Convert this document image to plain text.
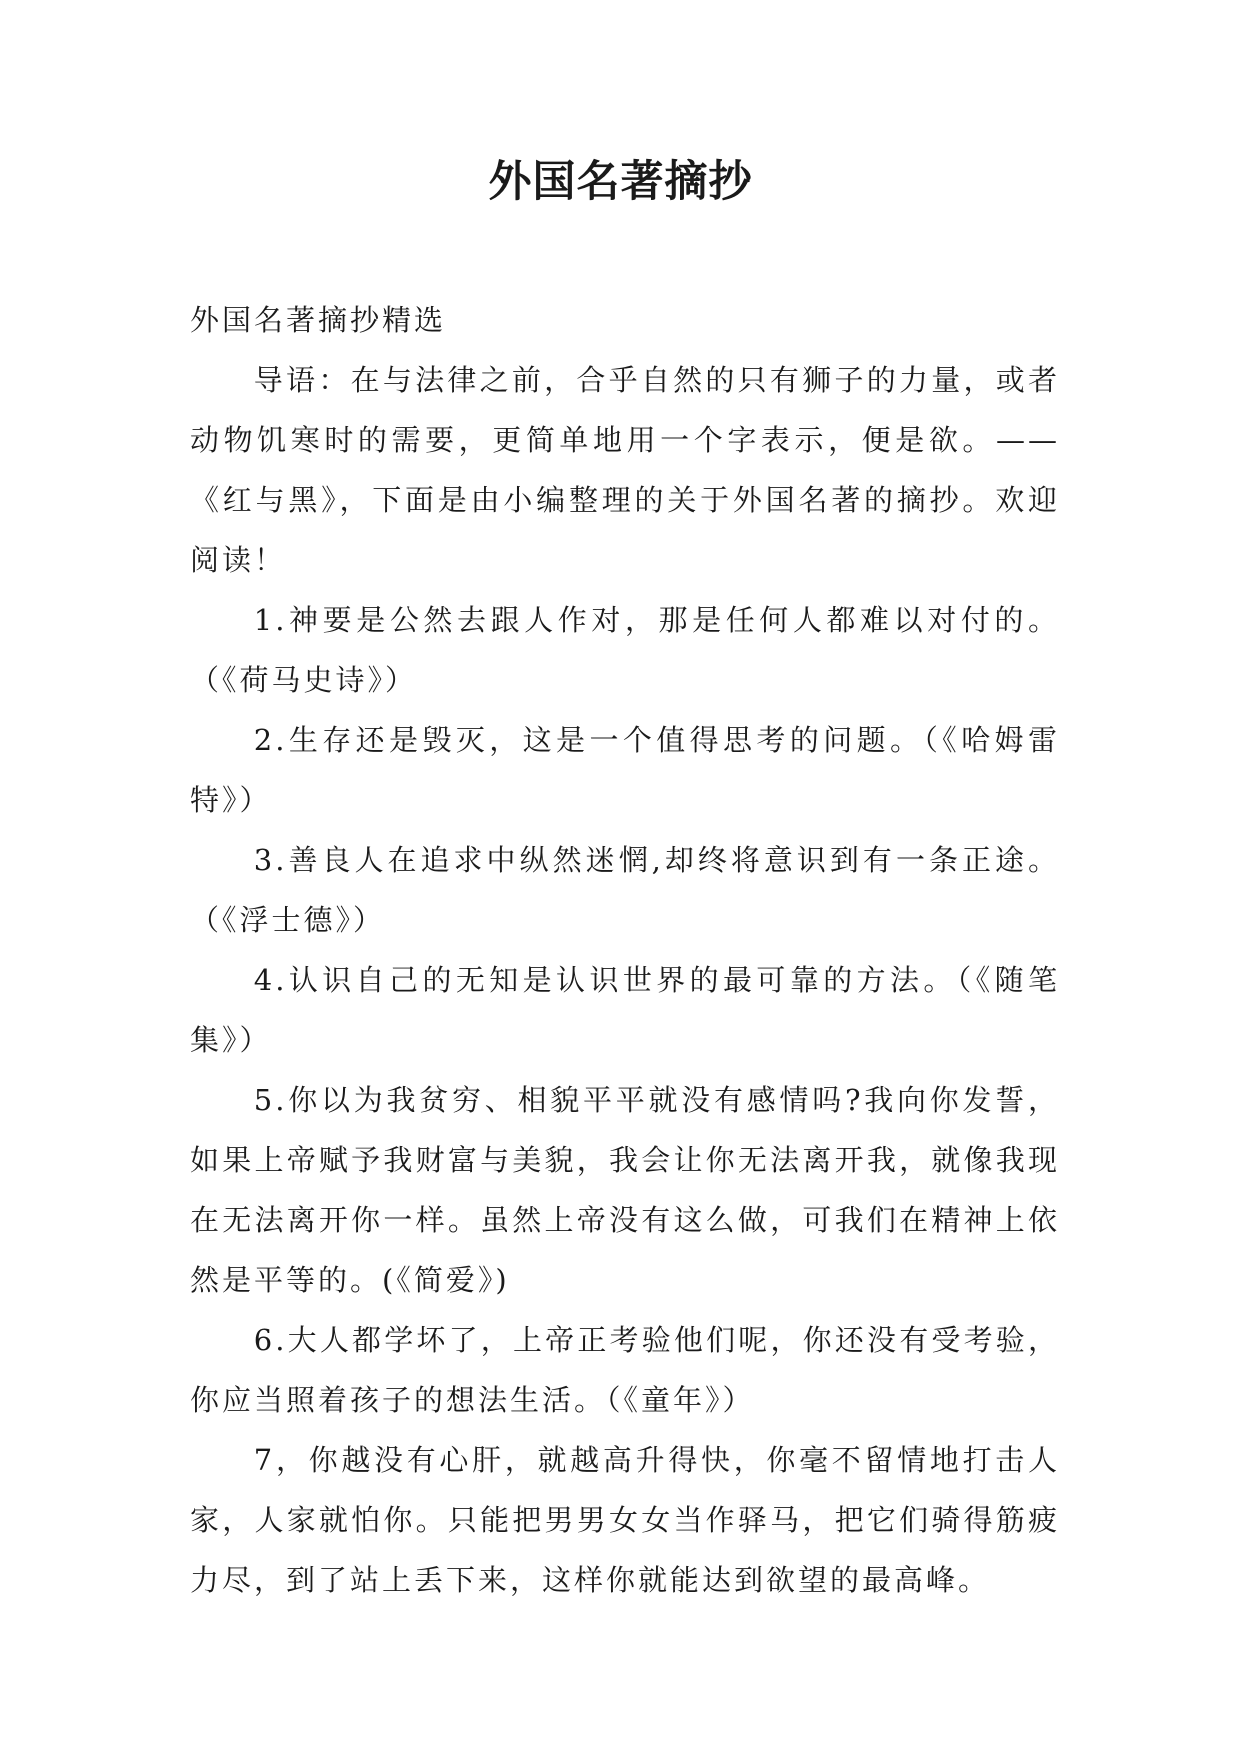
外国名著摘抄

外国名著摘抄精选

导语：在与法律之前，合乎自然的只有狮子的力量，或者动物饥寒时的需要，更简单地用一个字表示，便是欲。——《红与黑》，下面是由小编整理的关于外国名著的摘抄。欢迎阅读！

1.神要是公然去跟人作对，那是任何人都难以对付的。（《荷马史诗》）

2.生存还是毁灭，这是一个值得思考的问题。（《哈姆雷特》）

3.善良人在追求中纵然迷惘,却终将意识到有一条正途。（《浮士德》）

4.认识自己的无知是认识世界的最可靠的方法。（《随笔集》）

5.你以为我贫穷、相貌平平就没有感情吗?我向你发誓，如果上帝赋予我财富与美貌，我会让你无法离开我，就像我现在无法离开你一样。虽然上帝没有这么做，可我们在精神上依然是平等的。(《简爱》)

6.大人都学坏了，上帝正考验他们呢，你还没有受考验，你应当照着孩子的想法生活。（《童年》）

7，你越没有心肝，就越高升得快，你毫不留情地打击人家，人家就怕你。只能把男男女女当作驿马，把它们骑得筋疲力尽，到了站上丢下来，这样你就能达到欲望的最高峰。
